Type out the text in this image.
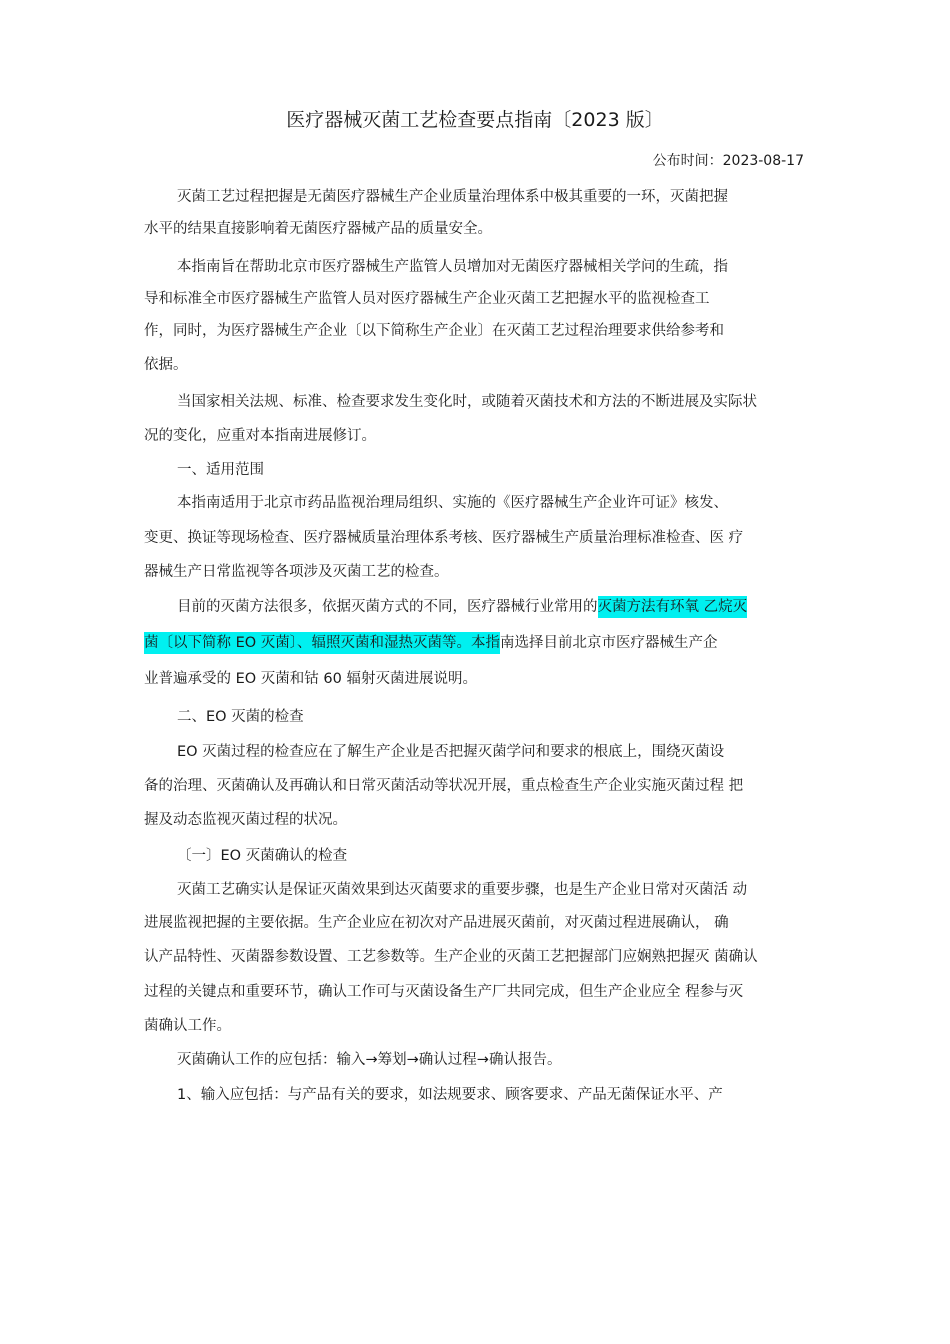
医疗器械灭菌工艺检查要点指南〔2023 版〕
公布时间：2023-08-17
灭菌工艺过程把握是无菌医疗器械生产企业质量治理体系中极其重要的一环，灭菌把握
水平的结果直接影响着无菌医疗器械产品的质量安全。
本指南旨在帮助北京市医疗器械生产监管人员增加对无菌医疗器械相关学问的生疏，指
导和标准全市医疗器械生产监管人员对医疗器械生产企业灭菌工艺把握水平的监视检查工
作，同时，为医疗器械生产企业〔以下简称生产企业〕在灭菌工艺过程治理要求供给参考和
依据。
当国家相关法规、标准、检查要求发生变化时，或随着灭菌技术和方法的不断进展及实际状
况的变化，应重对本指南进展修订。
一、适用范围
本指南适用于北京市药品监视治理局组织、实施的《医疗器械生产企业许可证》核发、
变更、换证等现场检查、医疗器械质量治理体系考核、医疗器械生产质量治理标准检查、医 疗
器械生产日常监视等各项涉及灭菌工艺的检查。
目前的灭菌方法很多，依据灭菌方式的不同，医疗器械行业常用的灭菌方法有环氧 乙烷灭
菌〔以下简称 EO 灭菌〕、辐照灭菌和湿热灭菌等。本指南选择目前北京市医疗器械生产企
业普遍承受的 EO 灭菌和钴 60 辐射灭菌进展说明。
二、EO 灭菌的检查
EO 灭菌过程的检查应在了解生产企业是否把握灭菌学问和要求的根底上，围绕灭菌设
备的治理、灭菌确认及再确认和日常灭菌活动等状况开展，重点检查生产企业实施灭菌过程 把
握及动态监视灭菌过程的状况。
〔一〕EO 灭菌确认的检查
灭菌工艺确实认是保证灭菌效果到达灭菌要求的重要步骤，也是生产企业日常对灭菌活 动
进展监视把握的主要依据。生产企业应在初次对产品进展灭菌前，对灭菌过程进展确认， 确
认产品特性、灭菌器参数设置、工艺参数等。生产企业的灭菌工艺把握部门应娴熟把握灭 菌确认
过程的关键点和重要环节，确认工作可与灭菌设备生产厂共同完成，但生产企业应全 程参与灭
菌确认工作。
灭菌确认工作的应包括：输入→筹划→确认过程→确认报告。
1、输入应包括：与产品有关的要求，如法规要求、顾客要求、产品无菌保证水平、产
